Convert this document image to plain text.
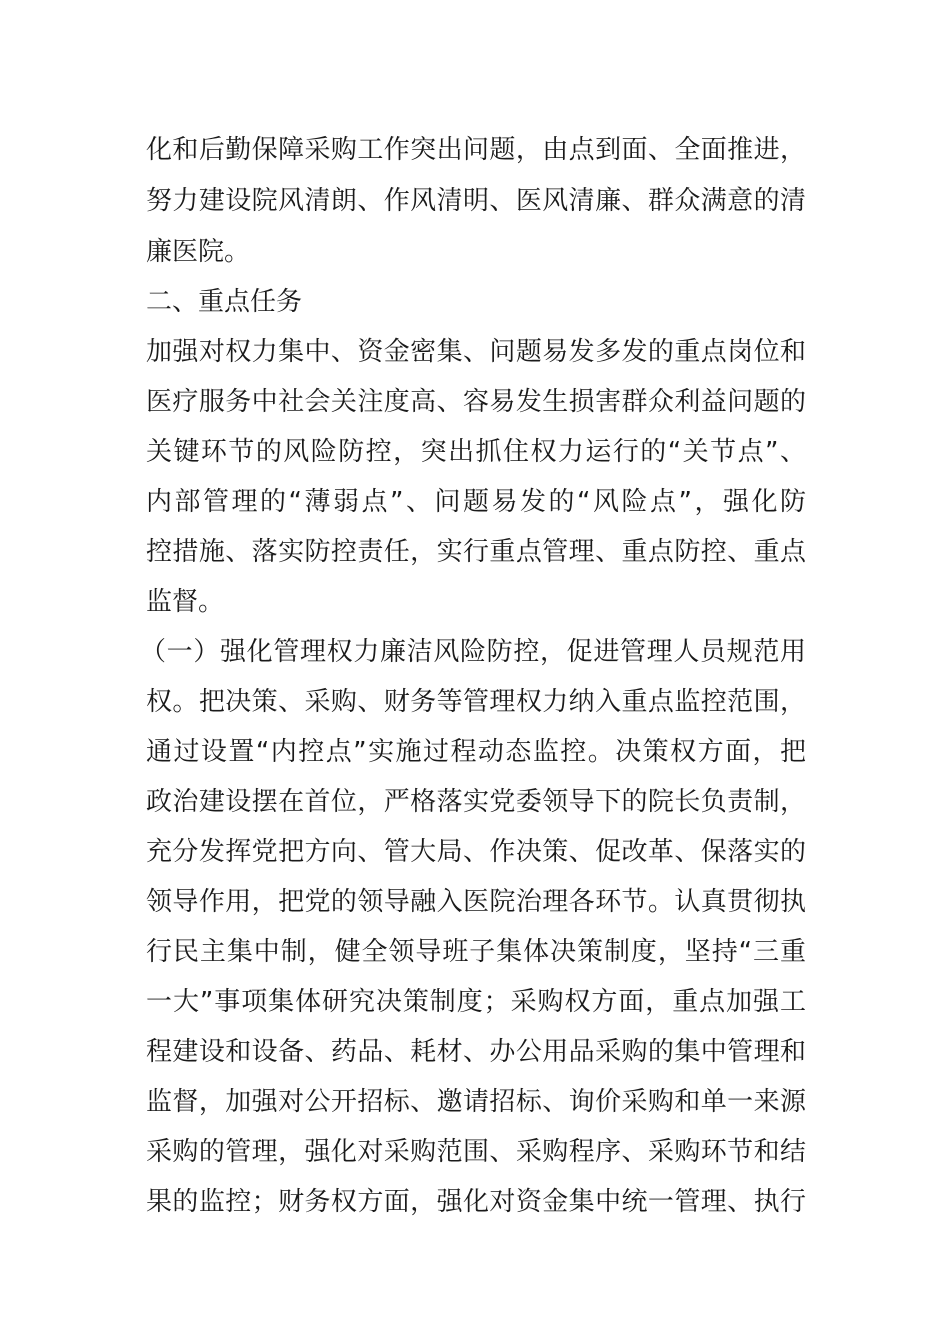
化和后勤保障采购工作突出问题，由点到面、全面推进，
努力建设院风清朗、作风清明、医风清廉、群众满意的清
廉医院。
二、重点任务
加强对权力集中、资金密集、问题易发多发的重点岗位和
医疗服务中社会关注度高、容易发生损害群众利益问题的
关键环节的风险防控，突出抓住权力运行的“关节点”、
内部管理的“薄弱点”、问题易发的“风险点”，强化防
控措施、落实防控责任，实行重点管理、重点防控、重点
监督。
（一）强化管理权力廉洁风险防控，促进管理人员规范用
权。把决策、采购、财务等管理权力纳入重点监控范围，
通过设置“内控点”实施过程动态监控。决策权方面，把
政治建设摆在首位，严格落实党委领导下的院长负责制，
充分发挥党把方向、管大局、作决策、促改革、保落实的
领导作用，把党的领导融入医院治理各环节。认真贯彻执
行民主集中制，健全领导班子集体决策制度，坚持“三重
一大”事项集体研究决策制度；采购权方面，重点加强工
程建设和设备、药品、耗材、办公用品采购的集中管理和
监督，加强对公开招标、邀请招标、询价采购和单一来源
采购的管理，强化对采购范围、采购程序、采购环节和结
果的监控；财务权方面，强化对资金集中统一管理、执行
